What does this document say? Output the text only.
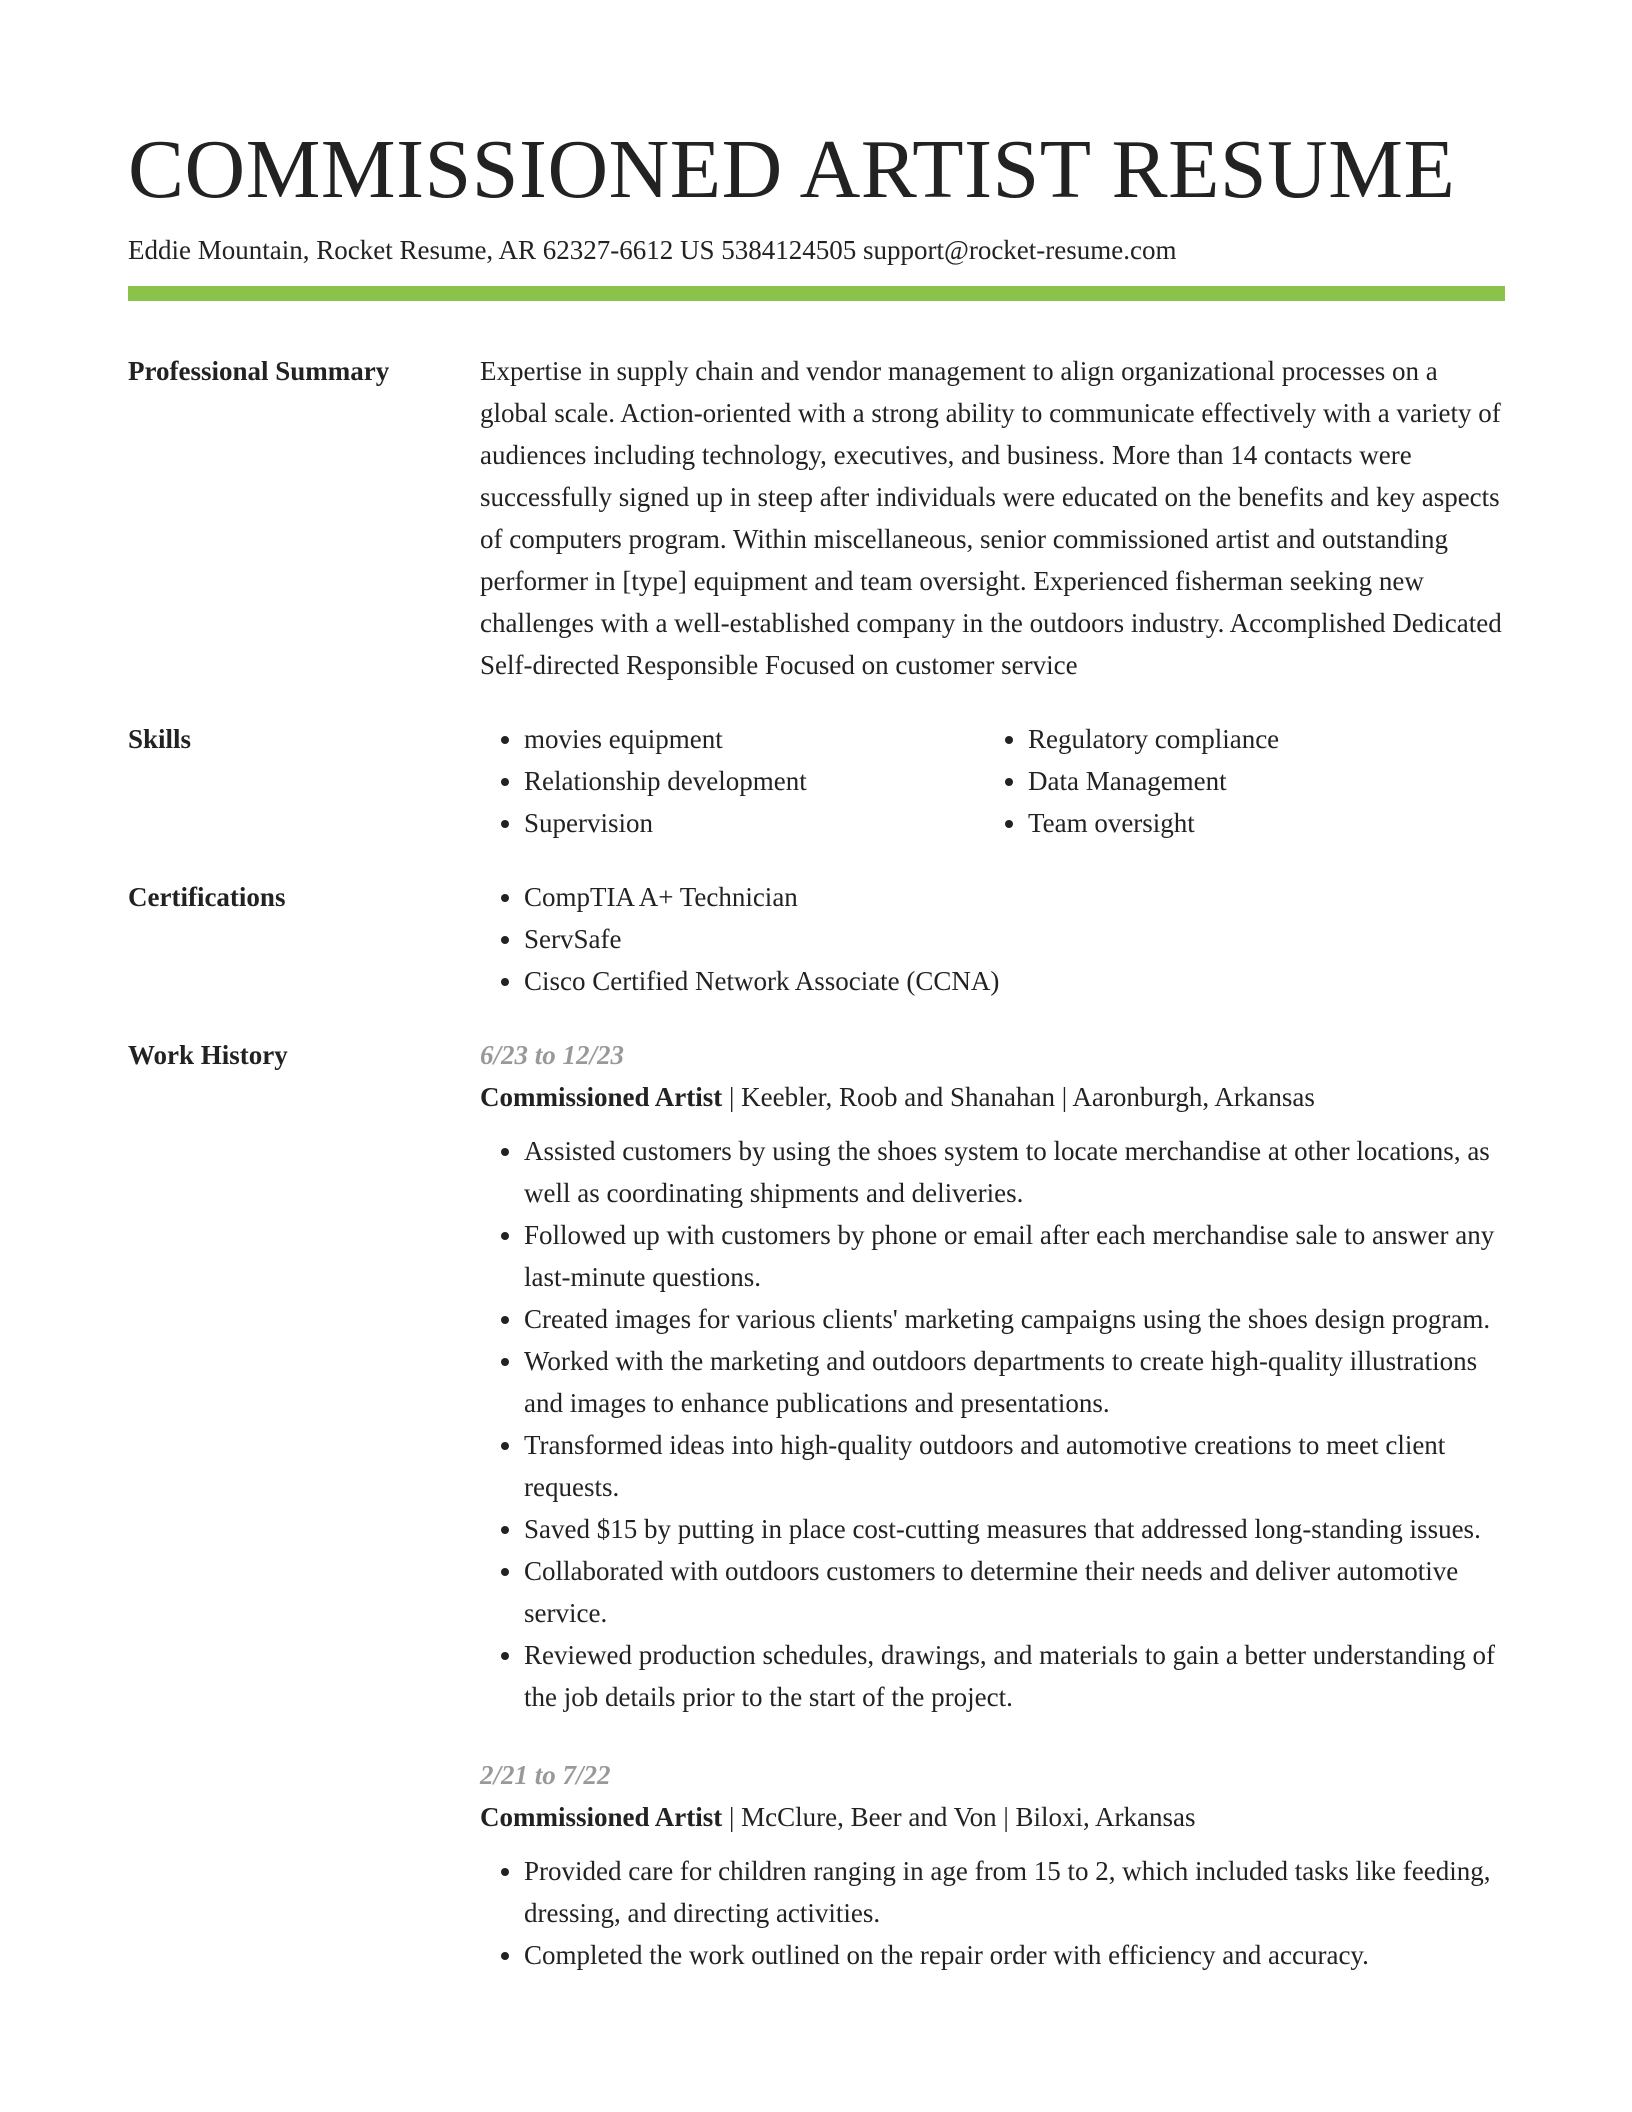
COMMISSIONED ARTIST RESUME
Eddie Mountain, Rocket Resume, AR 62327-6612 US 5384124505 support@rocket-resume.com
Professional Summary	Expertise in supply chain and vendor management to align organizational processes on a global scale. Action-oriented with a strong ability to communicate effectively with a variety of audiences including technology, executives, and business. More than 14 contacts were successfully signed up in steep after individuals were educated on the benefits and key aspects of computers program. Within miscellaneous, senior commissioned artist and outstanding performer in [type] equipment and team oversight. Experienced fisherman seeking new challenges with a well-established company in the outdoors industry. Accomplished Dedicated Self-directed Responsible Focused on customer service

Skills	• movies equipment
• Relationship development
• Supervision
• Regulatory compliance
• Data Management
• Team oversight
Certifications	• CompTIA A+ Technician
• ServSafe
• Cisco Certified Network Associate (CCNA)
Work History	6/23 to 12/23
Commissioned Artist | Keebler, Roob and Shanahan | Aaronburgh, Arkansas
• Assisted customers by using the shoes system to locate merchandise at other locations, as well as coordinating shipments and deliveries.
• Followed up with customers by phone or email after each merchandise sale to answer any last-minute questions.
• Created images for various clients' marketing campaigns using the shoes design program.
• Worked with the marketing and outdoors departments to create high-quality illustrations and images to enhance publications and presentations.
• Transformed ideas into high-quality outdoors and automotive creations to meet client requests.
• Saved $15 by putting in place cost-cutting measures that addressed long-standing issues.
• Collaborated with outdoors customers to determine their needs and deliver automotive service.
• Reviewed production schedules, drawings, and materials to gain a better understanding of the job details prior to the start of the project.
2/21 to 7/22
Commissioned Artist | McClure, Beer and Von | Biloxi, Arkansas
• Provided care for children ranging in age from 15 to 2, which included tasks like feeding, dressing, and directing activities.
• Completed the work outlined on the repair order with efficiency and accuracy.
